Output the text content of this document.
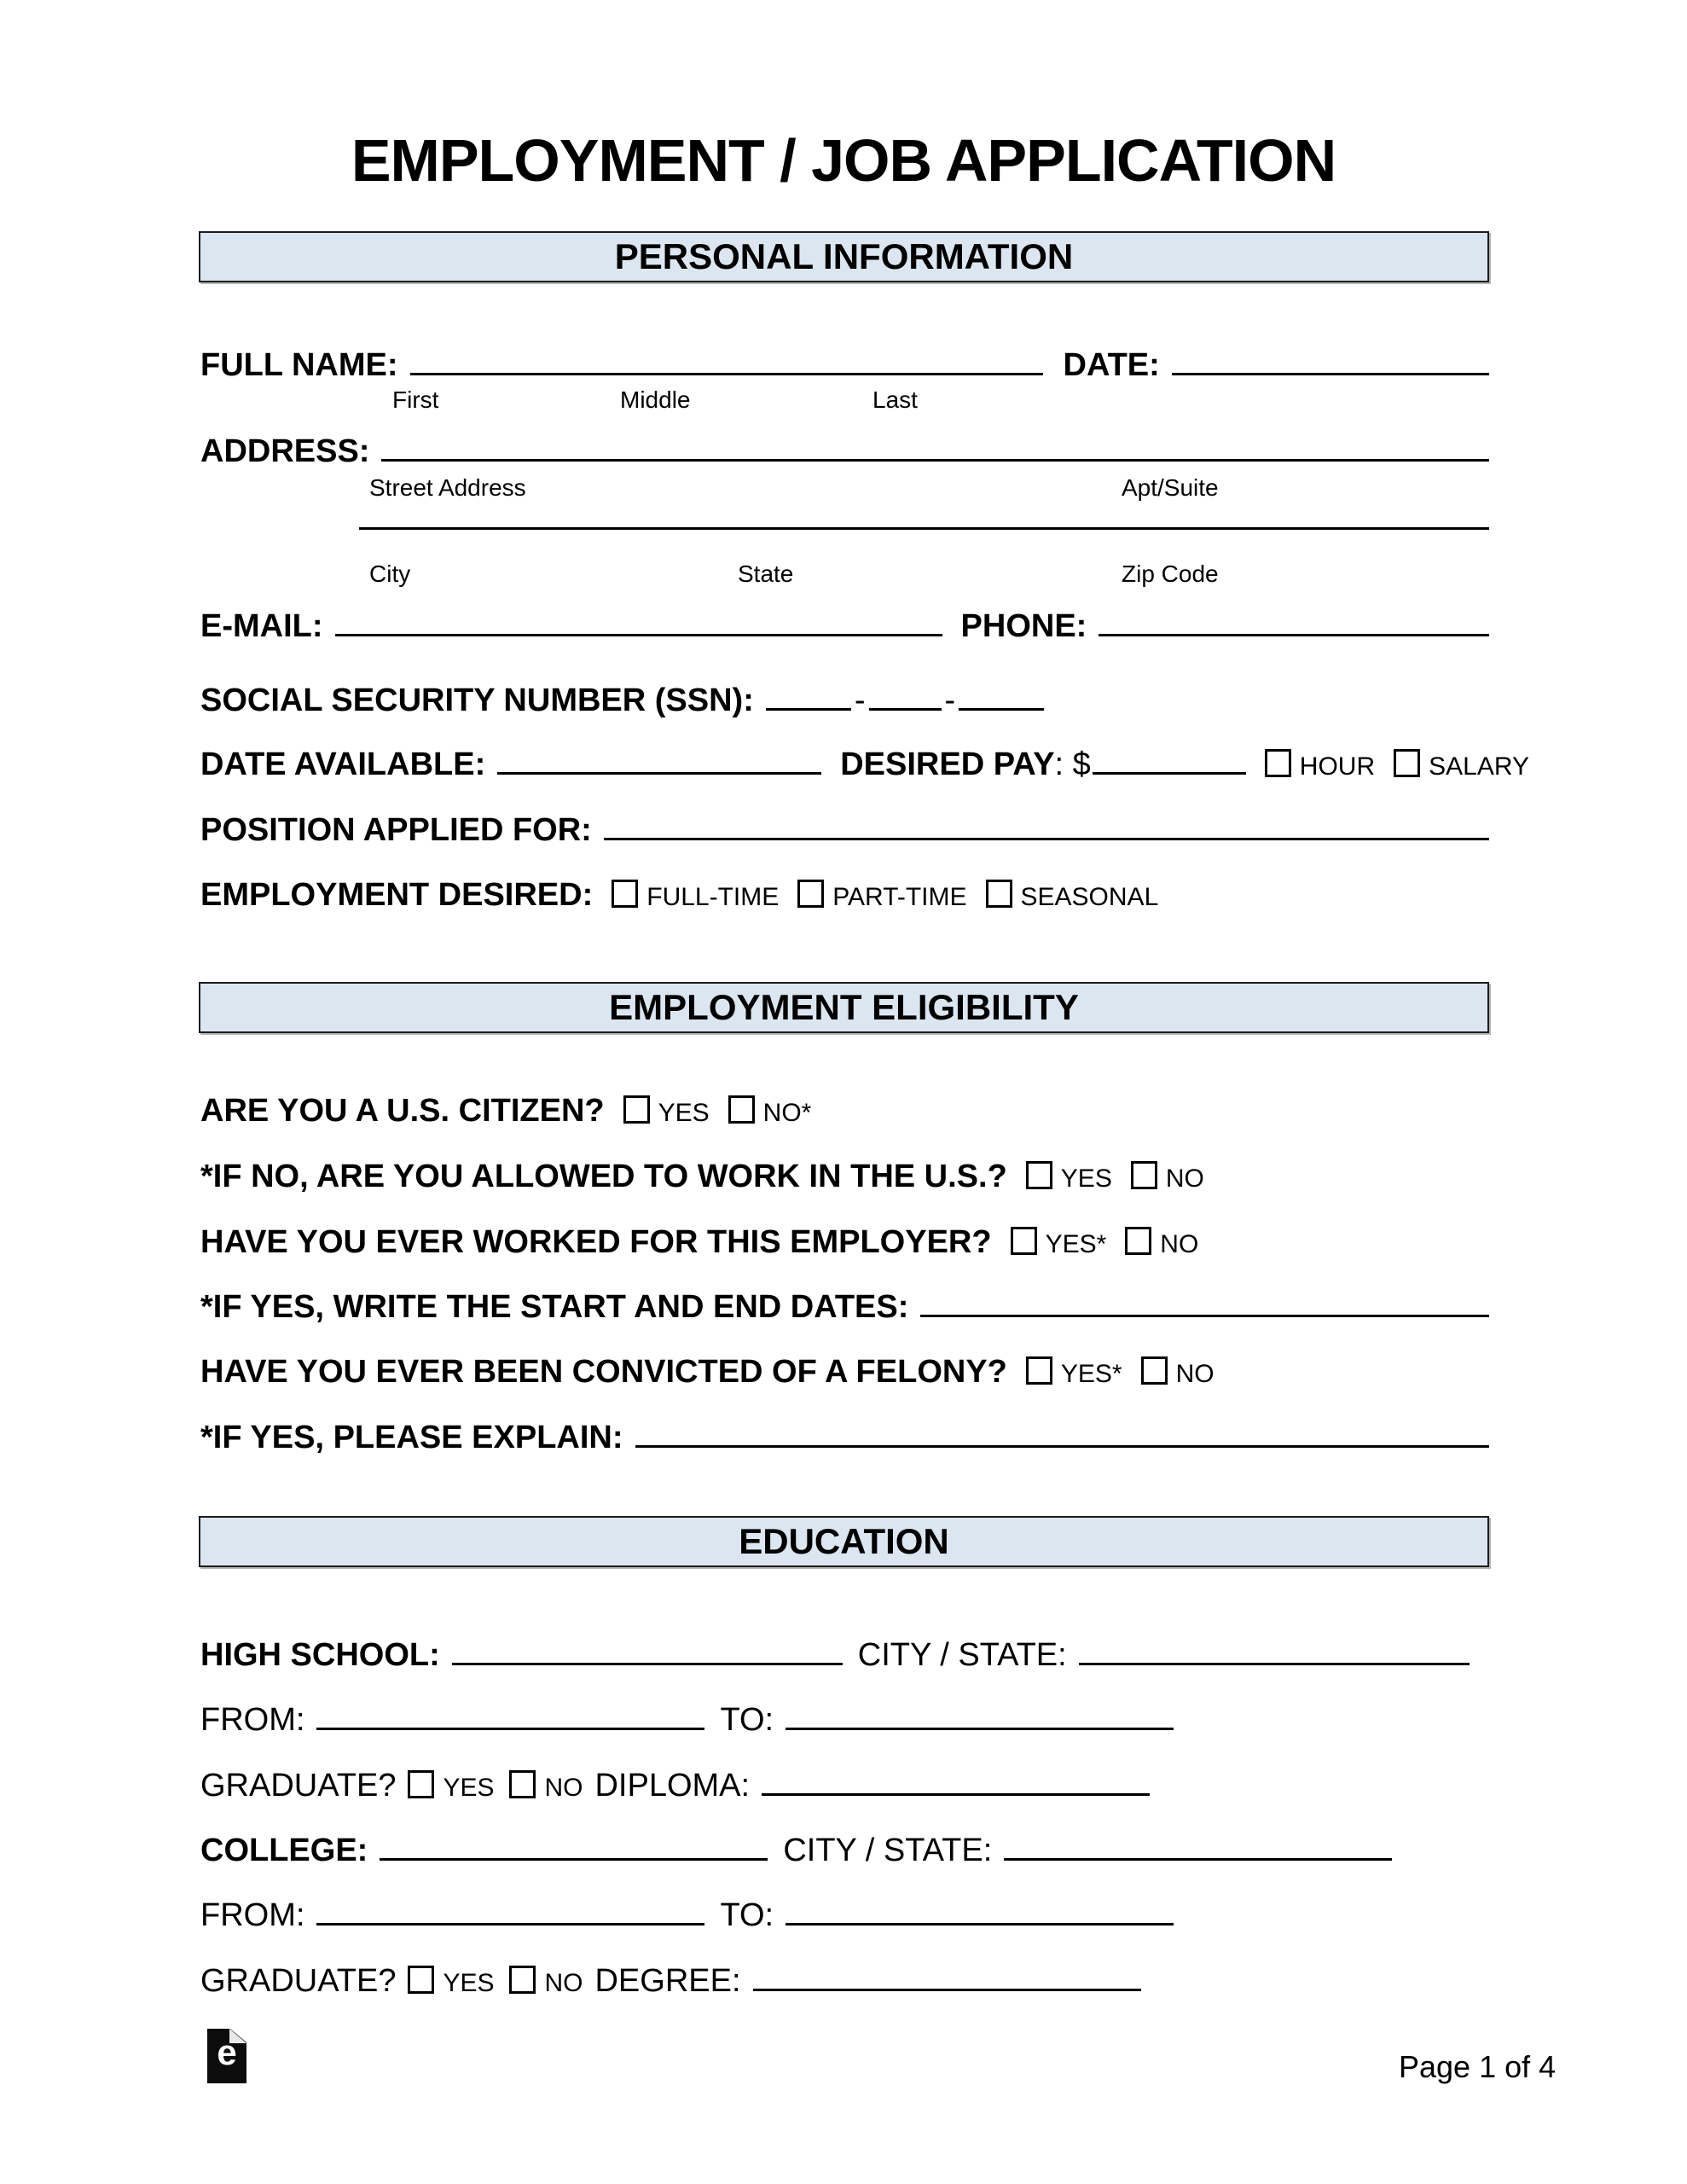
EMPLOYMENT / JOB APPLICATION
PERSONAL INFORMATION
FULL NAME:	DATE:
First	Middle	Last
ADDRESS:
Street Address	Apt/Suite
City	State	Zip Code
E-MAIL:	PHONE:
SOCIAL SECURITY NUMBER (SSN):	- -
DATE AVAILABLE:	DESIRED PAY : $	HOUR SALARY
POSITION APPLIED FOR:
EMPLOYMENT DESIRED: FULL-TIME PART-TIME SEASONAL
EMPLOYMENT ELIGIBILITY
ARE YOU A U.S. CITIZEN? YES NO*
*IF NO, ARE YOU ALLOWED TO WORK IN THE U.S.? YES NO
HAVE YOU EVER WORKED FOR THIS EMPLOYER? YES* NO
*IF YES, WRITE THE START AND END DATES:
HAVE YOU EVER BEEN CONVICTED OF A FELONY? YES* NO
*IF YES, PLEASE EXPLAIN:
EDUCATION
HIGH SCHOOL:	CITY / STATE:
FROM:	TO:
GRADUATE? YES NO DIPLOMA:
COLLEGE:	CITY / STATE:
FROM:	TO:
GRADUATE? YES NO DEGREE:
e	Page 1 of 4
